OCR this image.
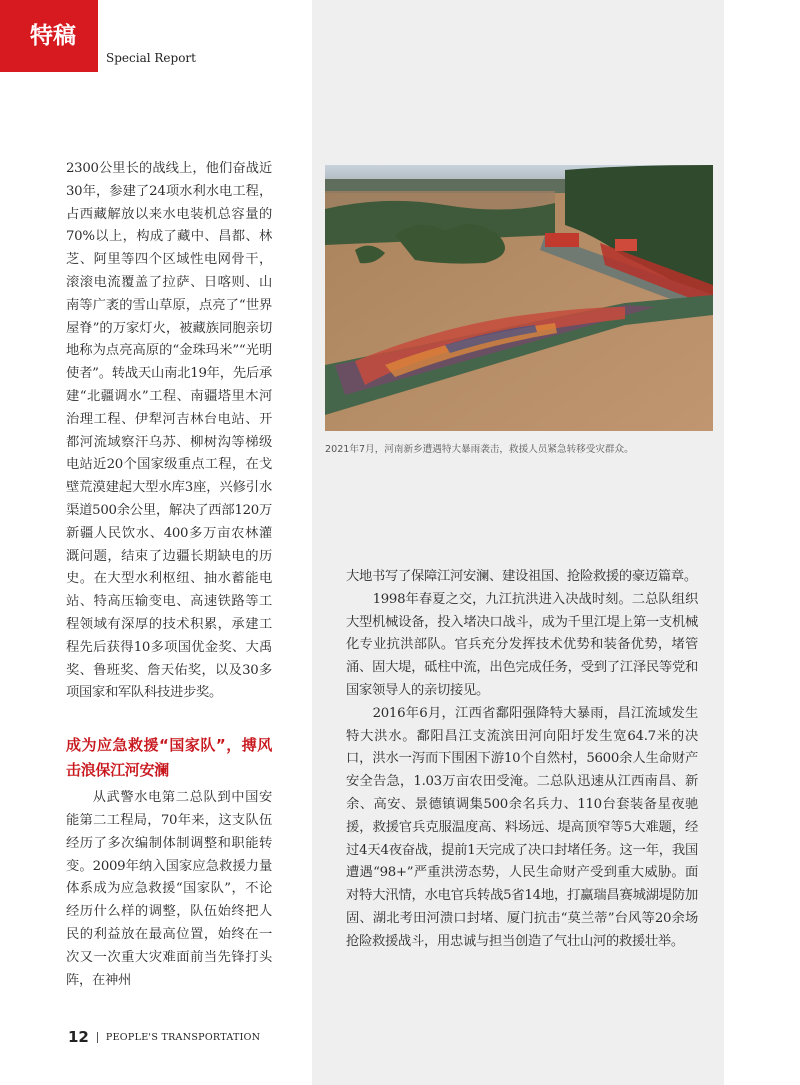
特稿
Special Report

2300公里长的战线上，他们奋战近30年，参建了24项水利水电工程，占西藏解放以来水电装机总容量的70%以上，构成了藏中、昌都、林芝、阿里等四个区域性电网骨干，滚滚电流覆盖了拉萨、日喀则、山南等广袤的雪山草原，点亮了“世界屋脊”的万家灯火，被藏族同胞亲切地称为点亮高原的“金珠玛米”“光明使者”。转战天山南北19年，先后承建“北疆调水”工程、南疆塔里木河治理工程、伊犁河吉林台电站、开都河流域察汗乌苏、柳树沟等梯级电站近20个国家级重点工程，在戈壁荒漠建起大型水库3座，兴修引水渠道500余公里，解决了西部120万新疆人民饮水、400多万亩农林灌溉问题，结束了边疆长期缺电的历史。在大型水利枢纽、抽水蓄能电站、特高压输变电、高速铁路等工程领域有深厚的技术积累，承建工程先后获得10多项国优金奖、大禹奖、鲁班奖、詹天佑奖，以及30多项国家和军队科技进步奖。

成为应急救援“国家队”，搏风击浪保江河安澜

从武警水电第二总队到中国安能第二工程局，70年来，这支队伍经历了多次编制体制调整和职能转变。2009年纳入国家应急救援力量体系成为应急救援“国家队”，不论经历什么样的调整，队伍始终把人民的利益放在最高位置，始终在一次又一次重大灾难面前当先锋打头阵，在神州

2021年7月，河南新乡遭遇特大暴雨袭击，救援人员紧急转移受灾群众。

大地书写了保障江河安澜、建设祖国、抢险救援的豪迈篇章。

1998年春夏之交，九江抗洪进入决战时刻。二总队组织大型机械设备，投入堵决口战斗，成为千里江堤上第一支机械化专业抗洪部队。官兵充分发挥技术优势和装备优势，堵管涌、固大堤，砥柱中流，出色完成任务，受到了江泽民等党和国家领导人的亲切接见。

2016年6月，江西省鄱阳强降特大暴雨，昌江流域发生特大洪水。鄱阳昌江支流滨田河向阳圩发生宽64.7米的决口，洪水一泻而下围困下游10个自然村，5600余人生命财产安全告急，1.03万亩农田受淹。二总队迅速从江西南昌、新余、高安、景德镇调集500余名兵力、110台套装备星夜驰援，救援官兵克服温度高、料场远、堤高顶窄等5大难题，经过4天4夜奋战，提前1天完成了决口封堵任务。这一年，我国遭遇“98+”严重洪涝态势，人民生命财产受到重大威胁。面对特大汛情，水电官兵转战5省14地，打赢瑞昌赛城湖堤防加固、湖北考田河溃口封堵、厦门抗击“莫兰蒂”台风等20余场抢险救援战斗，用忠诚与担当创造了气壮山河的救援壮举。

12 PEOPLE'S TRANSPORTATION
